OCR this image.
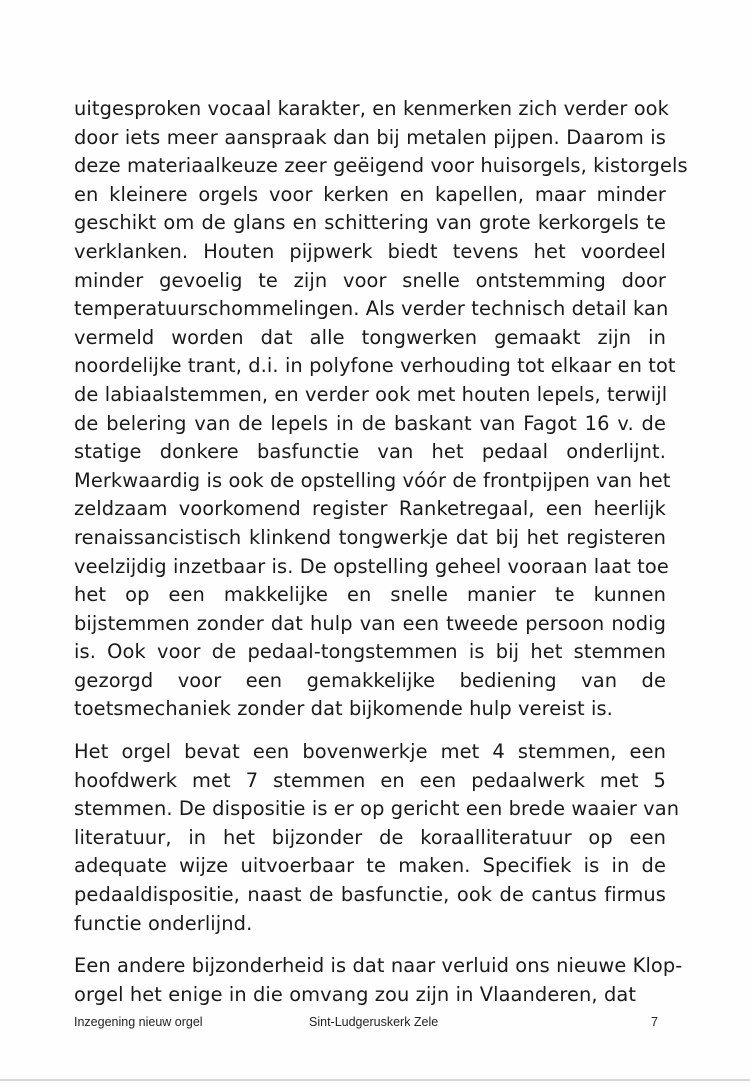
uitgesproken vocaal karakter, en kenmerken zich verder ook
door iets meer aanspraak dan bij metalen pijpen. Daarom is
deze materiaalkeuze zeer geëigend voor huisorgels, kistorgels
en kleinere orgels voor kerken en kapellen, maar minder
geschikt om de glans en schittering van grote kerkorgels te
verklanken. Houten pijpwerk biedt tevens het voordeel
minder gevoelig te zijn voor snelle ontstemming door
temperatuurschommelingen. Als verder technisch detail kan
vermeld worden dat alle tongwerken gemaakt zijn in
noordelijke trant, d.i. in polyfone verhouding tot elkaar en tot
de labiaalstemmen, en verder ook met houten lepels, terwijl
de belering van de lepels in de baskant van Fagot 16 v. de
statige donkere basfunctie van het pedaal onderlijnt.
Merkwaardig is ook de opstelling vóór de frontpijpen van het
zeldzaam voorkomend register Ranketregaal, een heerlijk
renaissancistisch klinkend tongwerkje dat bij het registeren
veelzijdig inzetbaar is. De opstelling geheel vooraan laat toe
het op een makkelijke en snelle manier te kunnen
bijstemmen zonder dat hulp van een tweede persoon nodig
is. Ook voor de pedaal-tongstemmen is bij het stemmen
gezorgd voor een gemakkelijke bediening van de
toetsmechaniek zonder dat bijkomende hulp vereist is.
Het orgel bevat een bovenwerkje met 4 stemmen, een
hoofdwerk met 7 stemmen en een pedaalwerk met 5
stemmen. De dispositie is er op gericht een brede waaier van
literatuur, in het bijzonder de koraalliteratuur op een
adequate wijze uitvoerbaar te maken. Specifiek is in de
pedaaldispositie, naast de basfunctie, ook de cantus firmus
functie onderlijnd.
Een andere bijzonderheid is dat naar verluid ons nieuwe Klop-
orgel het enige in die omvang zou zijn in Vlaanderen, dat
Inzegening nieuw orgel	Sint-Ludgeruskerk Zele	7
